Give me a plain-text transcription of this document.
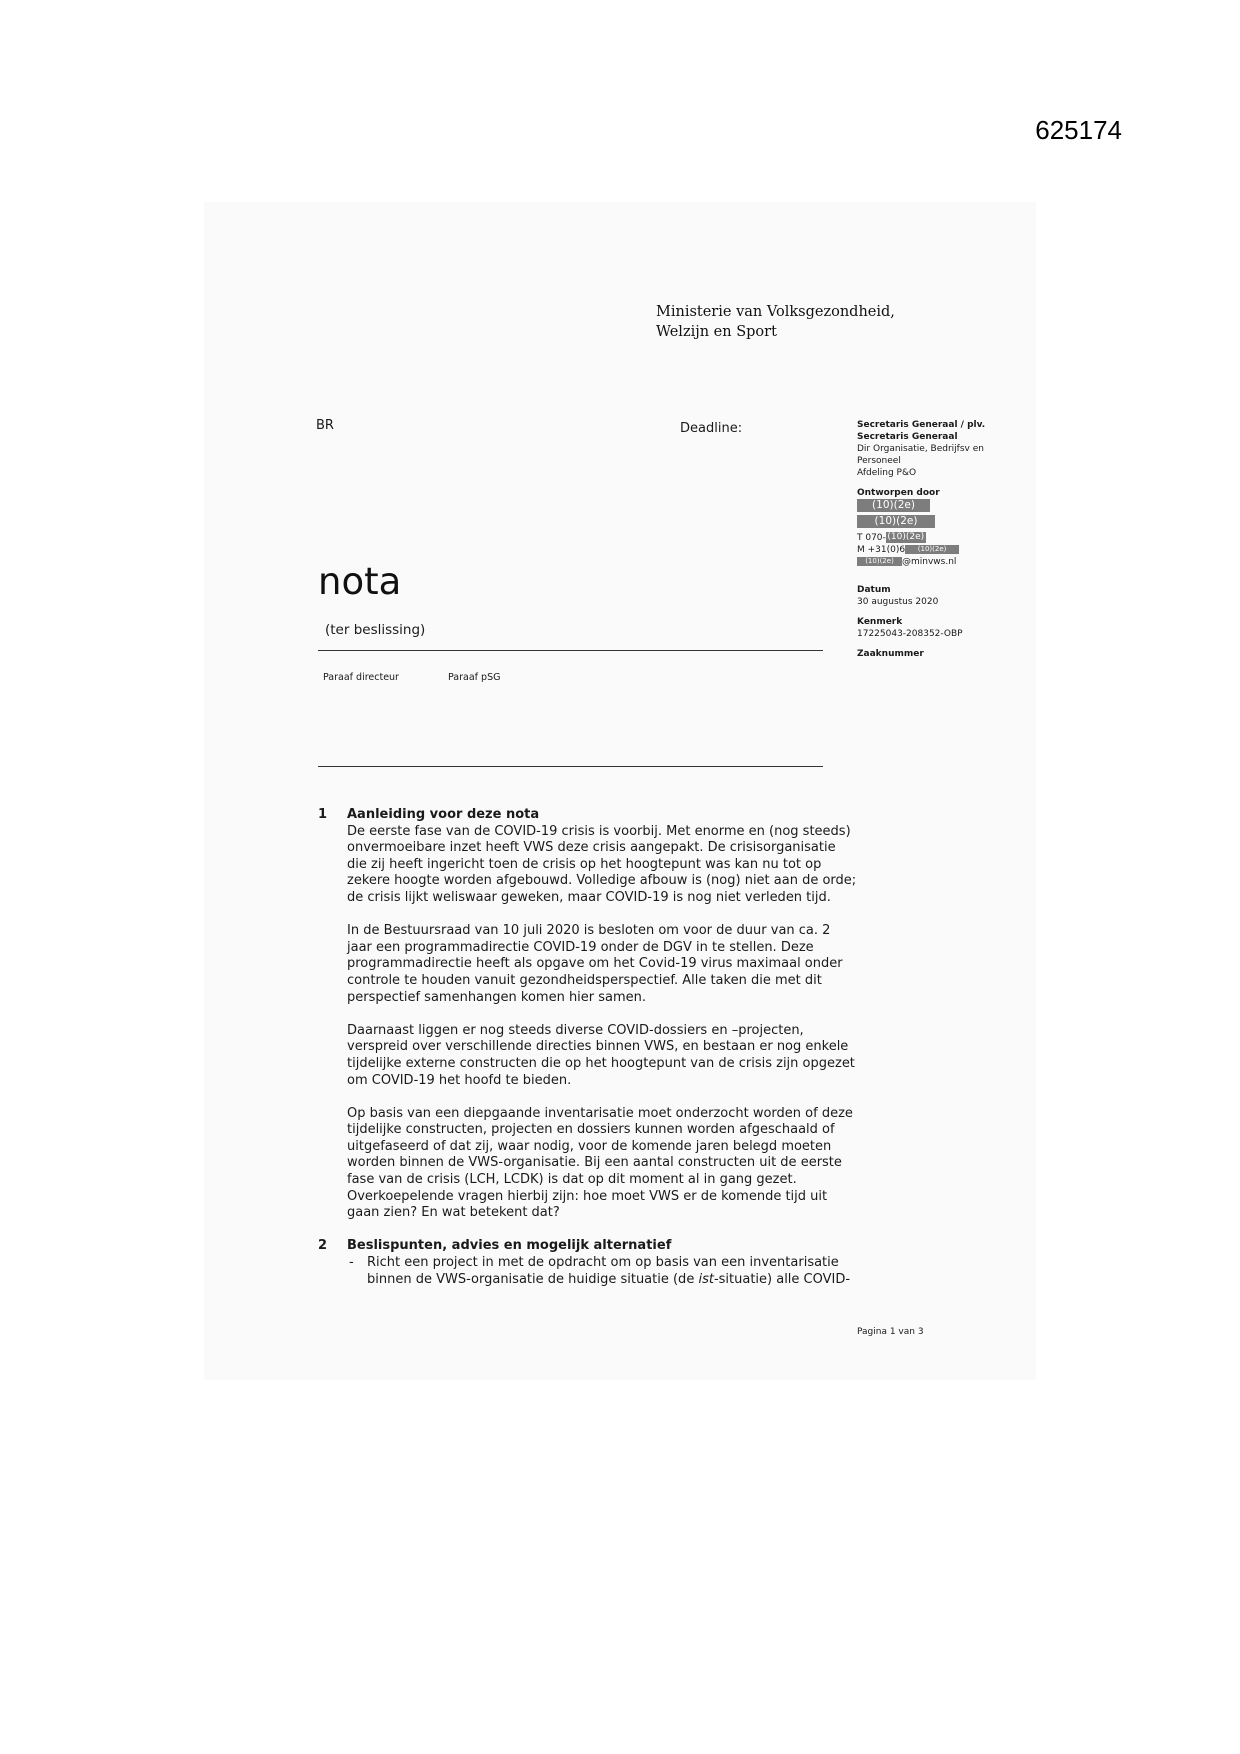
625174
Ministerie van Volksgezondheid,
Welzijn en Sport
BR	Deadline:
nota
(ter beslissing)
Paraaf directeur	Paraaf pSG
Secretaris Generaal / plv. Secretaris Generaal
Dir Organisatie, Bedrijfsv en Personeel
Afdeling P&O
Ontworpen door
(10)(2e)
(10)(2e)
T 070- (10)(2e)
M +31(0)6 (10)(2e)
(10)(2e) @minvws.nl
Datum
30 augustus 2020
Kenmerk
17225043-208352-OBP
Zaaknummer
1 Aanleiding voor deze nota

De eerste fase van de COVID-19 crisis is voorbij. Met enorme en (nog steeds) onvermoeibare inzet heeft VWS deze crisis aangepakt. De crisisorganisatie die zij heeft ingericht toen de crisis op het hoogtepunt was kan nu tot op zekere hoogte worden afgebouwd. Volledige afbouw is (nog) niet aan de orde; de crisis lijkt weliswaar geweken, maar COVID-19 is nog niet verleden tijd.

In de Bestuursraad van 10 juli 2020 is besloten om voor de duur van ca. 2 jaar een programmadirectie COVID-19 onder de DGV in te stellen. Deze programmadirectie heeft als opgave om het Covid-19 virus maximaal onder controle te houden vanuit gezondheidsperspectief. Alle taken die met dit perspectief samenhangen komen hier samen.

Daarnaast liggen er nog steeds diverse COVID-dossiers en –projecten, verspreid over verschillende directies binnen VWS, en bestaan er nog enkele tijdelijke externe constructen die op het hoogtepunt van de crisis zijn opgezet om COVID-19 het hoofd te bieden.

Op basis van een diepgaande inventarisatie moet onderzocht worden of deze tijdelijke constructen, projecten en dossiers kunnen worden afgeschaald of uitgefaseerd of dat zij, waar nodig, voor de komende jaren belegd moeten worden binnen de VWS-organisatie. Bij een aantal constructen uit de eerste fase van de crisis (LCH, LCDK) is dat op dit moment al in gang gezet. Overkoepelende vragen hierbij zijn: hoe moet VWS er de komende tijd uit gaan zien? En wat betekent dat?

2 Beslispunten, advies en mogelijk alternatief
- Richt een project in met de opdracht om op basis van een inventarisatie binnen de VWS-organisatie de huidige situatie (de ist-situatie) alle COVID-
Pagina 1 van 3
